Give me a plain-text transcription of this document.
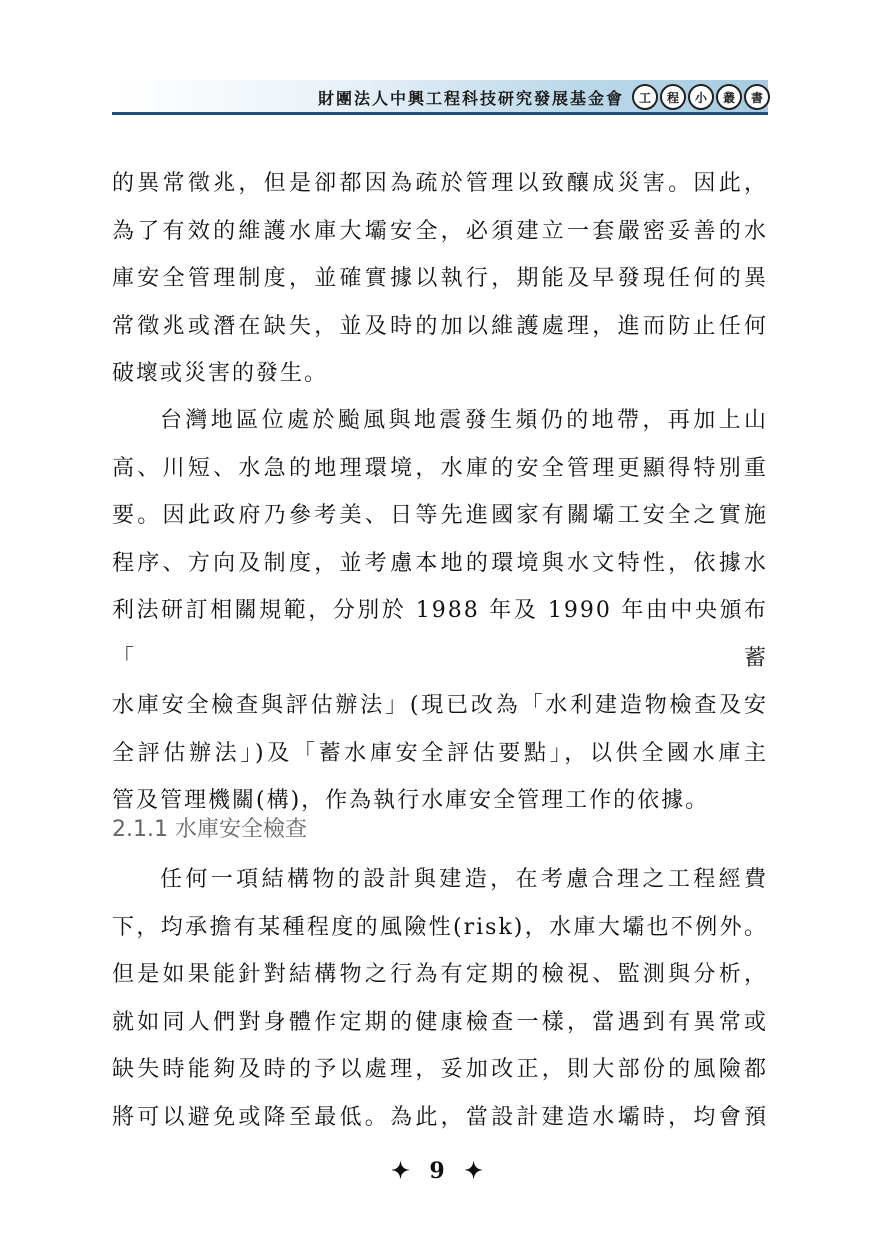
財團法人中興工程科技研究發展基金會	工	程	小	叢	書
的異常徵兆，但是卻都因為疏於管理以致釀成災害。因此，
為了有效的維護水庫大壩安全，必須建立一套嚴密妥善的水
庫安全管理制度，並確實據以執行，期能及早發現任何的異
常徵兆或潛在缺失，並及時的加以維護處理，進而防止任何
破壞或災害的發生。
台灣地區位處於颱風與地震發生頻仍的地帶，再加上山
高、川短、水急的地理環境，水庫的安全管理更顯得特別重
要。因此政府乃參考美、日等先進國家有關壩工安全之實施
程序、方向及制度，並考慮本地的環境與水文特性，依據水
利法研訂相關規範，分別於 1988 年及 1990 年由中央頒布「蓄
水庫安全檢查與評估辦法」(現已改為「水利建造物檢查及安
全評估辦法」)及「蓄水庫安全評估要點」，以供全國水庫主
管及管理機關(構)，作為執行水庫安全管理工作的依據。
2.1.1 水庫安全檢查
任何一項結構物的設計與建造，在考慮合理之工程經費
下，均承擔有某種程度的風險性(risk)，水庫大壩也不例外。
但是如果能針對結構物之行為有定期的檢視、監測與分析，
就如同人們對身體作定期的健康檢查一樣，當遇到有異常或
缺失時能夠及時的予以處理，妥加改正，則大部份的風險都
將可以避免或降至最低。為此，當設計建造水壩時，均會預
✦ 9 ✦
